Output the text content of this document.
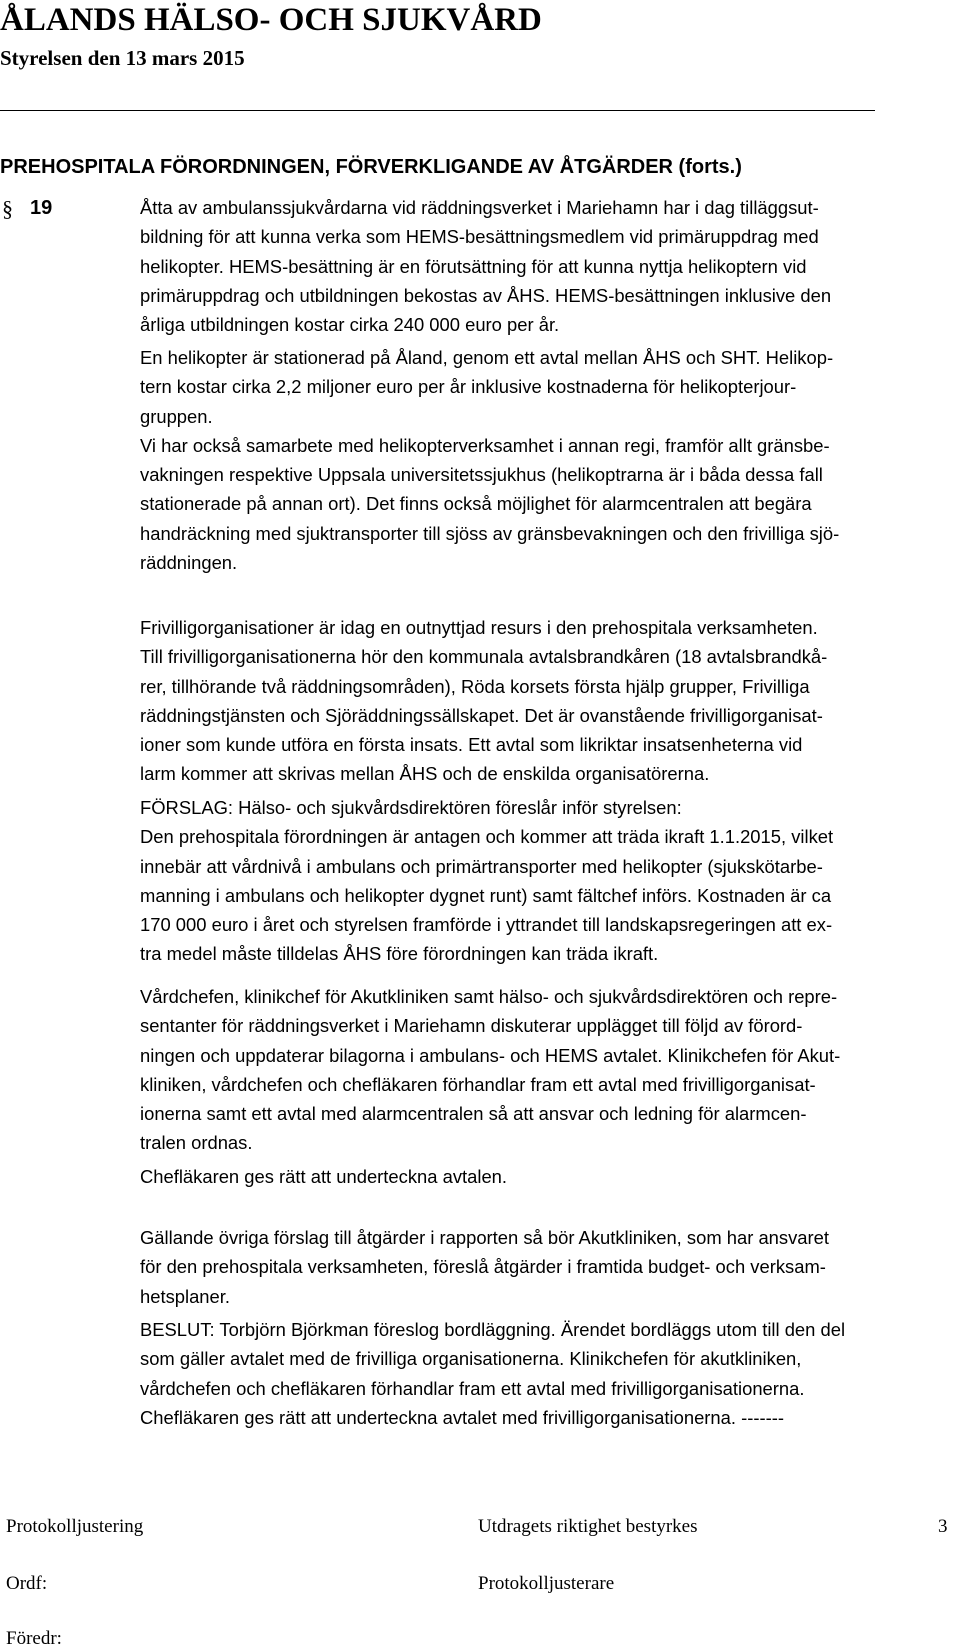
ÅLANDS HÄLSO- OCH SJUKVÅRD
Styrelsen den 13 mars 2015
PREHOSPITALA FÖRORDNINGEN, FÖRVERKLIGANDE AV ÅTGÄRDER (forts.)
§ 19	Åtta av ambulanssjukvårdarna vid räddningsverket i Mariehamn har i dag tilläggsut-
bildning för att kunna verka som HEMS-besättningsmedlem vid primäruppdrag med
helikopter. HEMS-besättning är en förutsättning för att kunna nyttja helikoptern vid
primäruppdrag och utbildningen bekostas av ÅHS. HEMS-besättningen inklusive den
årliga utbildningen kostar cirka 240 000 euro per år.
En helikopter är stationerad på Åland, genom ett avtal mellan ÅHS och SHT. Helikop-
tern kostar cirka 2,2 miljoner euro per år inklusive kostnaderna för helikopterjour-
gruppen.
Vi har också samarbete med helikopterverksamhet i annan regi, framför allt gränsbe-
vakningen respektive Uppsala universitetssjukhus (helikoptrarna är i båda dessa fall
stationerade på annan ort). Det finns också möjlighet för alarmcentralen att begära
handräckning med sjuktransporter till sjöss av gränsbevakningen och den frivilliga sjö-
räddningen.
Frivilligorganisationer är idag en outnyttjad resurs i den prehospitala verksamheten.
Till frivilligorganisationerna hör den kommunala avtalsbrandkåren (18 avtalsbrandkå-
rer, tillhörande två räddningsområden), Röda korsets första hjälp grupper, Frivilliga
räddningstjänsten och Sjöräddningssällskapet. Det är ovanstående frivilligorganisat-
ioner som kunde utföra en första insats. Ett avtal som likriktar insatsenheterna vid
larm kommer att skrivas mellan ÅHS och de enskilda organisatörerna.
FÖRSLAG: Hälso- och sjukvårdsdirektören föreslår inför styrelsen:
Den prehospitala förordningen är antagen och kommer att träda ikraft 1.1.2015, vilket
innebär att vårdnivå i ambulans och primärtransporter med helikopter (sjukskötarbe-
manning i ambulans och helikopter dygnet runt) samt fältchef införs. Kostnaden är ca
170 000 euro i året och styrelsen framförde i yttrandet till landskapsregeringen att ex-
tra medel måste tilldelas ÅHS före förordningen kan träda ikraft.
Vårdchefen, klinikchef för Akutkliniken samt hälso- och sjukvårdsdirektören och repre-
sentanter för räddningsverket i Mariehamn diskuterar upplägget till följd av förord-
ningen och uppdaterar bilagorna i ambulans- och HEMS avtalet. Klinikchefen för Akut-
kliniken, vårdchefen och chefläkaren förhandlar fram ett avtal med frivilligorganisat-
ionerna samt ett avtal med alarmcentralen så att ansvar och ledning för alarmcen-
tralen ordnas.
Chefläkaren ges rätt att underteckna avtalen.
Gällande övriga förslag till åtgärder i rapporten så bör Akutkliniken, som har ansvaret
för den prehospitala verksamheten, föreslå åtgärder i framtida budget- och verksam-
hetsplaner.
BESLUT: Torbjörn Björkman föreslog bordläggning. Ärendet bordläggs utom till den del
som gäller avtalet med de frivilliga organisationerna. Klinikchefen för akutkliniken,
vårdchefen och chefläkaren förhandlar fram ett avtal med frivilligorganisationerna.
Chefläkaren ges rätt att underteckna avtalet med frivilligorganisationerna. -------
Protokolljustering	Utdragets riktighet bestyrkes	3
Ordf:	Protokolljusterare
Föredr:
